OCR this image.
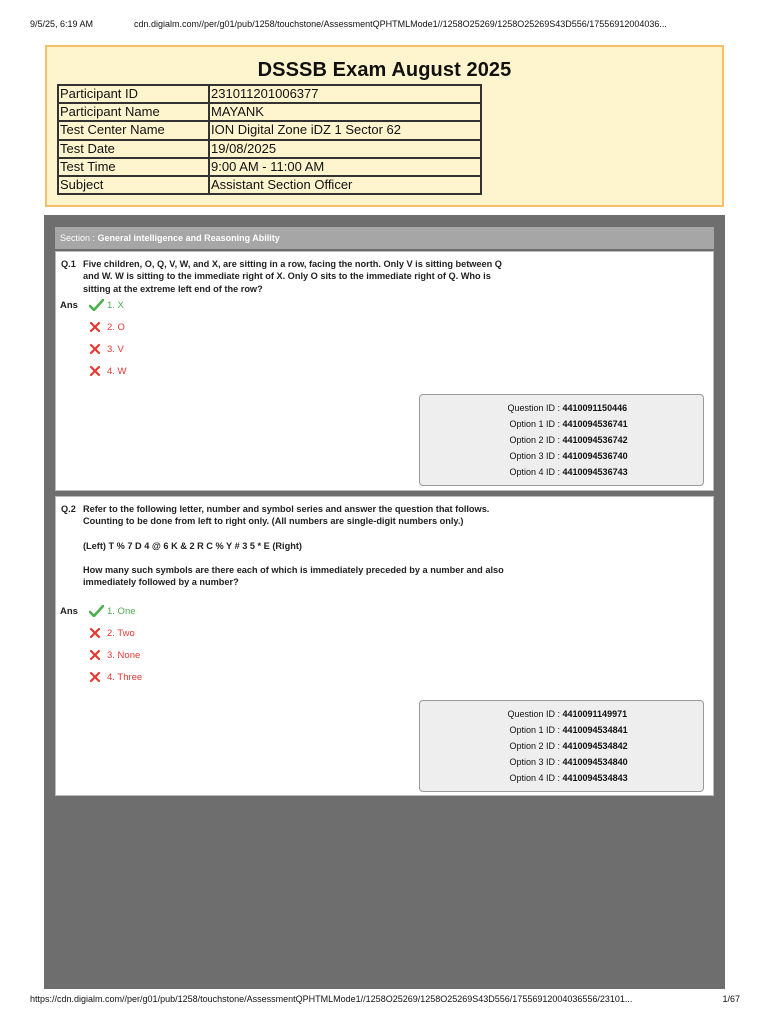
9/5/25, 6:19 AM	cdn.digialm.com//per/g01/pub/1258/touchstone/AssessmentQPHTMLMode1//1258O25269/1258O25269S43D556/17556912004036...
DSSSB Exam August 2025
Participant ID	231011201006377
Participant Name	MAYANK
Test Center Name	ION Digital Zone iDZ 1 Sector 62
Test Date	19/08/2025
Test Time	9:00 AM - 11:00 AM
Subject	Assistant Section Officer
Section : General intelligence and Reasoning Ability
Q.1 Five children, O, Q, V, W, and X, are sitting in a row, facing the north. Only V is sitting between Q and W. W is sitting to the immediate right of X. Only O sits to the immediate right of Q. Who is sitting at the extreme left end of the row?

Ans	1. X
2. O
3. V
4. W
Question ID : 4410091150446
Option 1 ID : 4410094536741
Option 2 ID : 4410094536742
Option 3 ID : 4410094536740
Option 4 ID : 4410094536743
Q.2 Refer to the following letter, number and symbol series and answer the question that follows. Counting to be done from left to right only. (All numbers are single-digit numbers only.)

(Left) T % 7 D 4 @ 6 K & 2 R C % Y # 3 5 * E (Right)

How many such symbols are there each of which is immediately preceded by a number and also immediately followed by a number?

Ans	1. One
2. Two
3. None
4. Three
Question ID : 4410091149971
Option 1 ID : 4410094534841
Option 2 ID : 4410094534842
Option 3 ID : 4410094534840
Option 4 ID : 4410094534843
https://cdn.digialm.com//per/g01/pub/1258/touchstone/AssessmentQPHTMLMode1//1258O25269/1258O25269S43D556/17556912004036556/23101...	1/67
